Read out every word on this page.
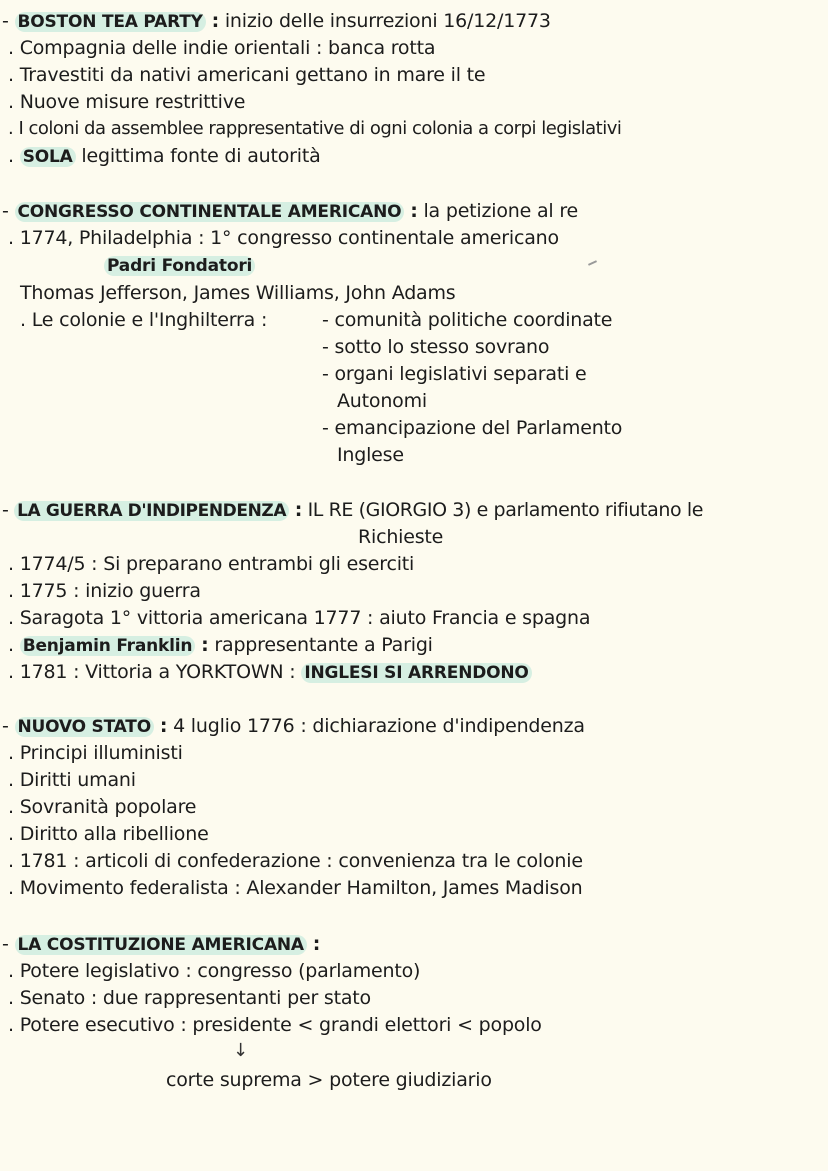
- BOSTON TEA PARTY : inizio delle insurrezioni 16/12/1773
. Compagnia delle indie orientali : banca rotta
. Travestiti da nativi americani gettano in mare il te
. Nuove misure restrittive
. I coloni da assemblee rappresentative di ogni colonia a corpi legislativi
. SOLA legittima fonte di autorità
- CONGRESSO CONTINENTALE AMERICANO : la petizione al re
. 1774, Philadelphia : 1° congresso continentale americano
Padri Fondatori
Thomas Jefferson, James Williams, John Adams
. Le colonie e l'Inghilterra :	- comunità politiche coordinate
- sotto lo stesso sovrano
- organi legislativi separati e
Autonomi
- emancipazione del Parlamento
Inglese
- LA GUERRA D'INDIPENDENZA : IL RE (GIORGIO 3) e parlamento rifiutano le
Richieste
. 1774/5 : Si preparano entrambi gli eserciti
. 1775 : inizio guerra
. Saragota 1° vittoria americana 1777 : aiuto Francia e spagna
. Benjamin Franklin : rappresentante a Parigi
. 1781 : Vittoria a YORKTOWN : INGLESI SI ARRENDONO
- NUOVO STATO : 4 luglio 1776 : dichiarazione d'indipendenza
. Principi illuministi
. Diritti umani
. Sovranità popolare
. Diritto alla ribellione
. 1781 : articoli di confederazione : convenienza tra le colonie
. Movimento federalista : Alexander Hamilton, James Madison
- LA COSTITUZIONE AMERICANA :
. Potere legislativo : congresso (parlamento)
. Senato : due rappresentanti per stato
. Potere esecutivo : presidente < grandi elettori < popolo
↓
corte suprema > potere giudiziario
